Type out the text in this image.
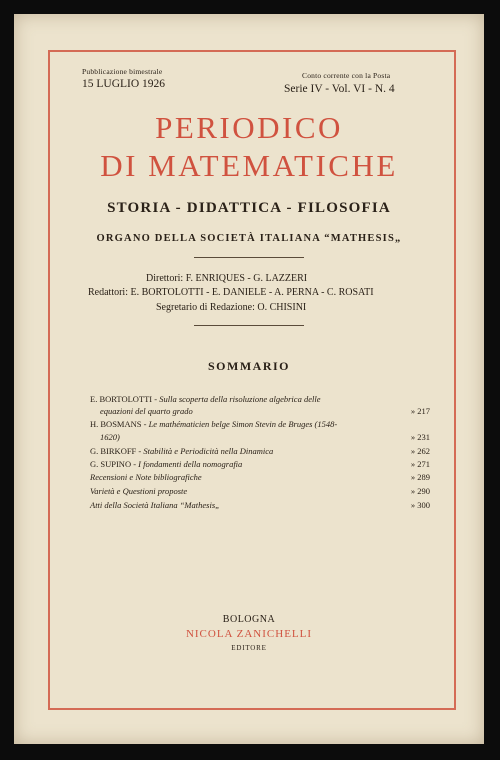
Pubblicazione bimestrale
15 LUGLIO 1926
Conto corrente con la Posta
Serie IV - Vol. VI - N. 4
PERIODICO
DI MATEMATICHE
STORIA - DIDATTICA - FILOSOFIA
ORGANO DELLA SOCIETÀ ITALIANA “MATHESIS„
Direttori: F. ENRIQUES - G. LAZZERI
Redattori: E. BORTOLOTTI - E. DANIELE - A. PERNA - C. ROSATI
Segretario di Redazione: O. CHISINI
SOMMARIO
E. BORTOLOTTI - Sulla scoperta della risoluzione algebrica delle
equazioni del quarto grado	» 217
H. BOSMANS - Le mathématicien belge Simon Stevin de Bruges (1548-
1620)	» 231
G. BIRKOFF - Stabilità e Periodicità nella Dinamica	» 262
G. SUPINO - I fondamenti della nomografia	» 271
Recensioni e Note bibliografiche	» 289
Varietà e Questioni proposte	» 290
Atti della Società Italiana “Mathesis„	» 300
BOLOGNA
NICOLA ZANICHELLI
EDITORE
